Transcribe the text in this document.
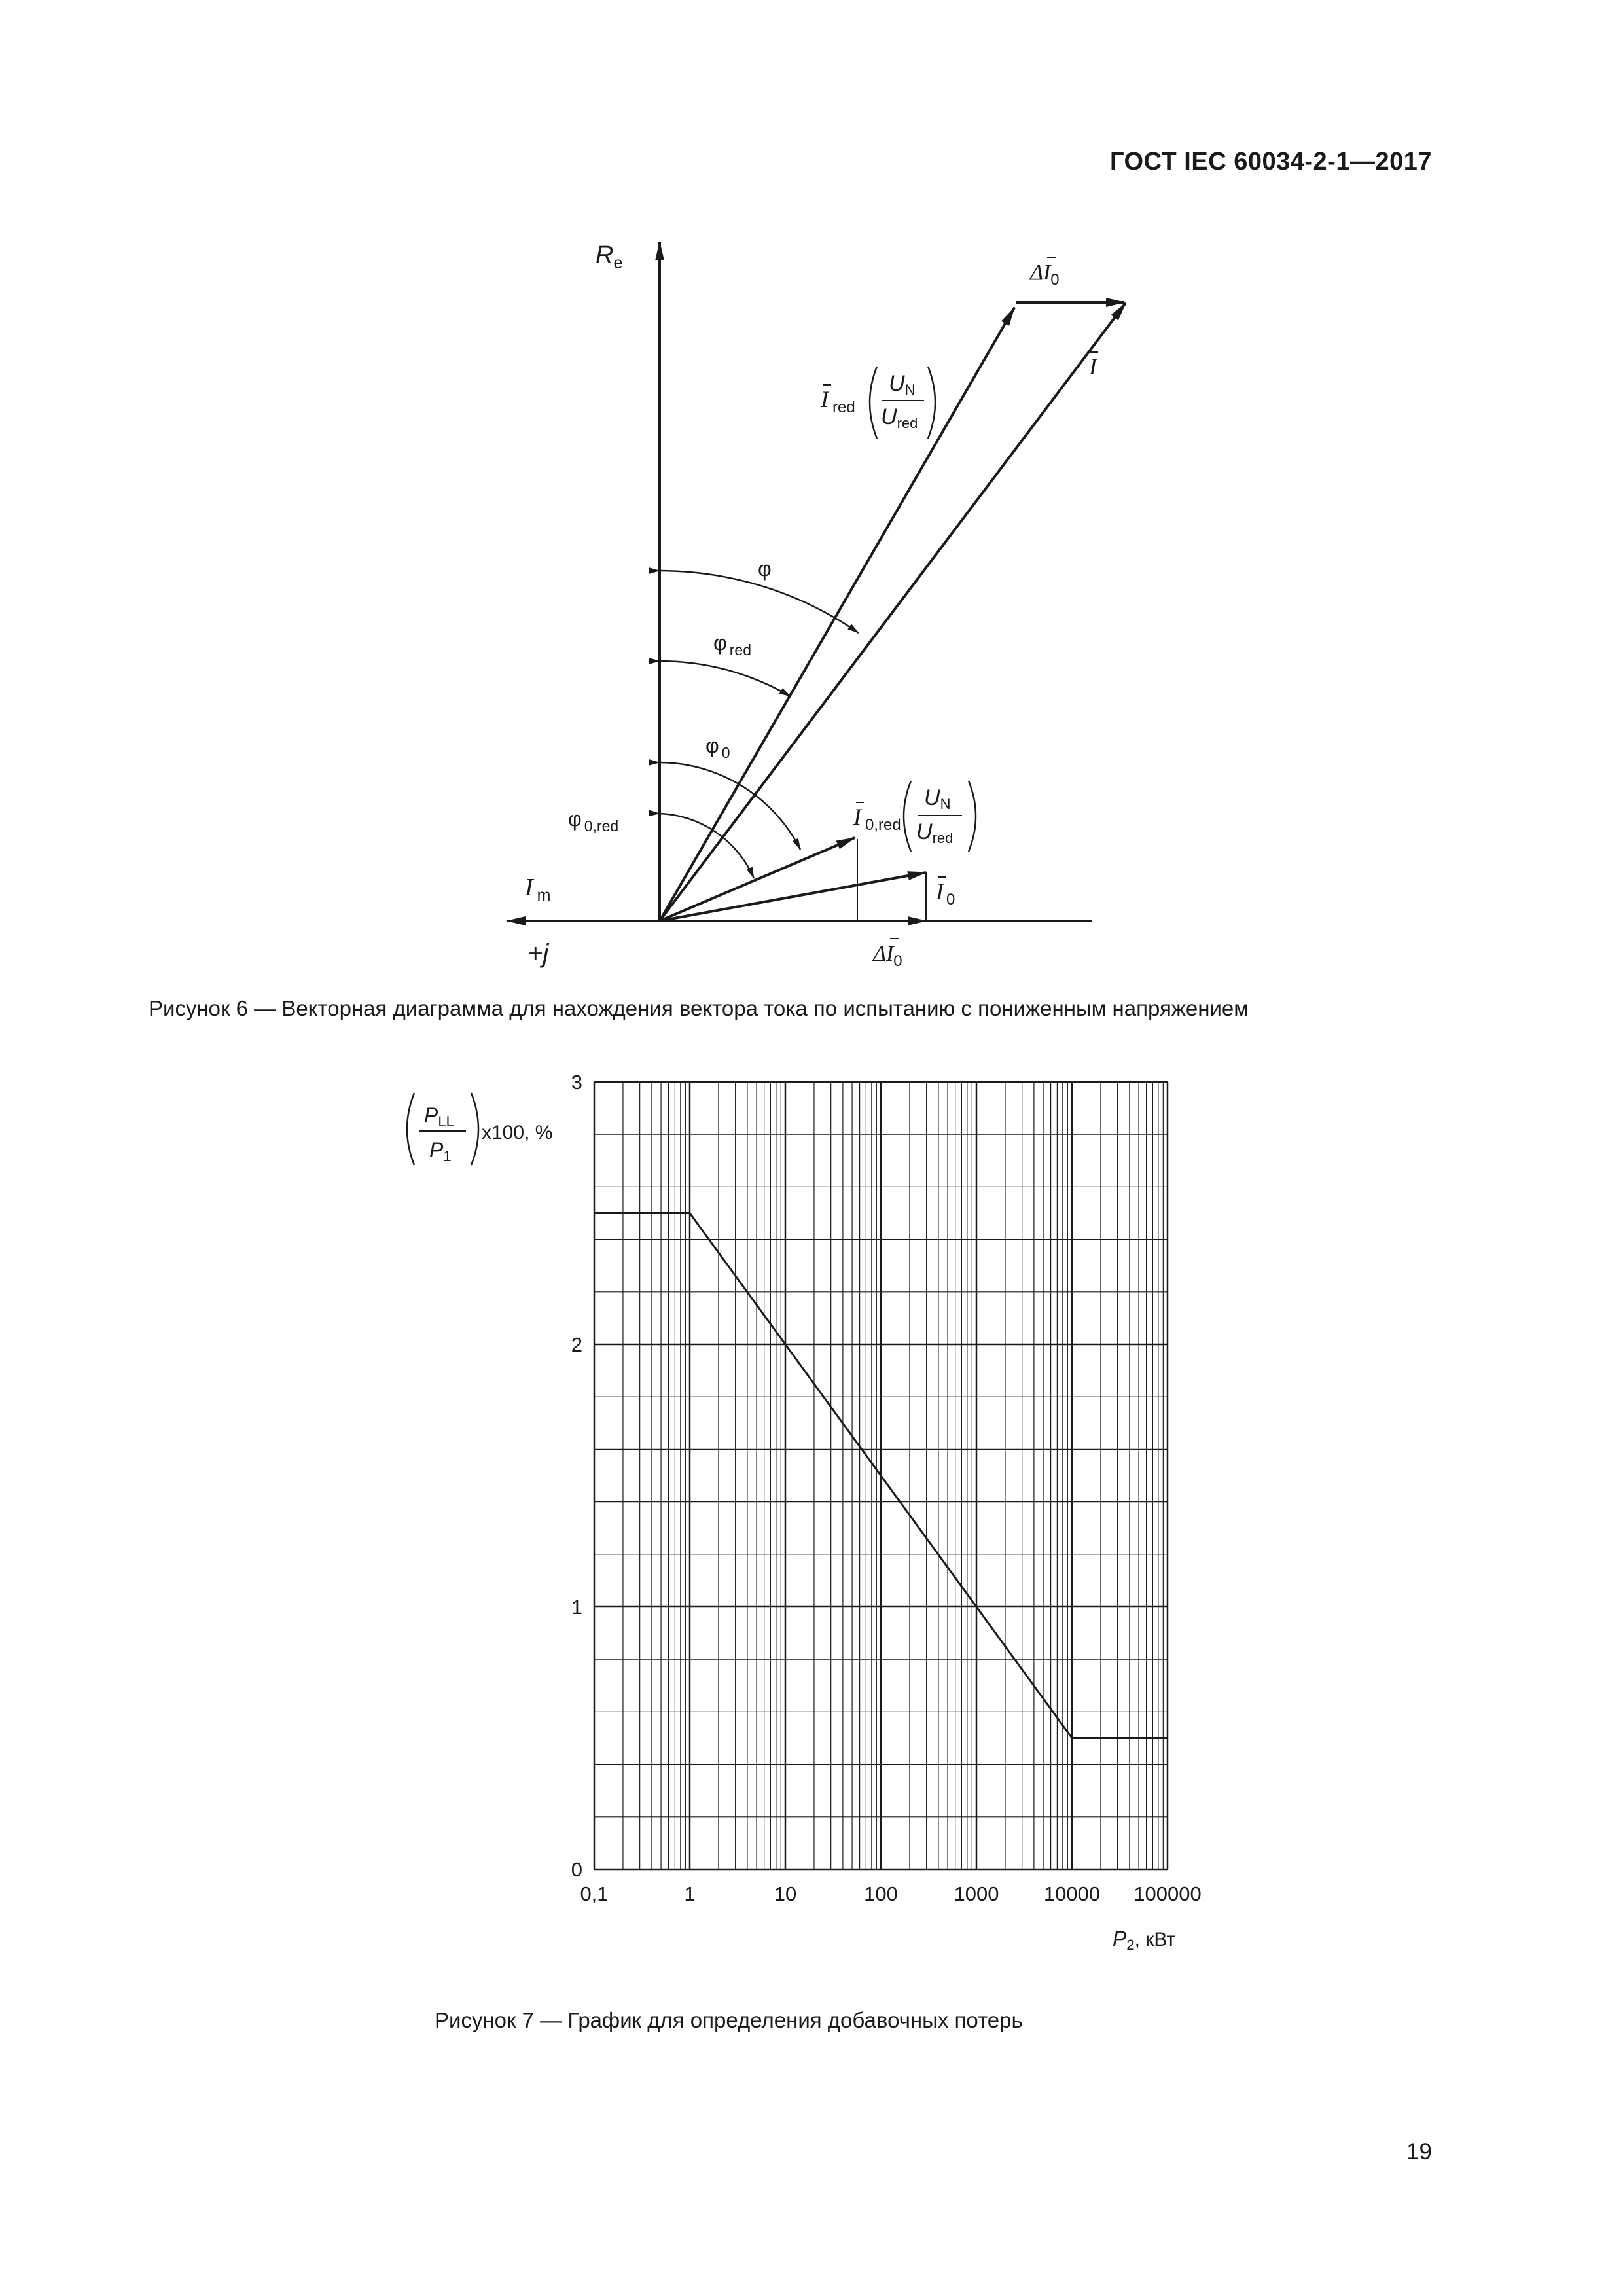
ГОСТ IEC 60034-2-1—2017
$R_e$
I $_m$
+j
$\Delta I_0$
I
I $_{red}$
UN
Ured
φ
φ $_{red}$
φ $_0$
φ $_{0,red}$	I $_{0,red}$
UN
Ured
I $_0$
$\Delta I_0$
Рисунок 6 — Векторная диаграмма для нахождения вектора тока по испытанию с пониженным напряжением
0,1	1	10	100	1000 10000 100000
0
1
2
3
PLL
P1
x100, %
P2, кВт
Рисунок 7 — График для определения добавочных потерь
19
